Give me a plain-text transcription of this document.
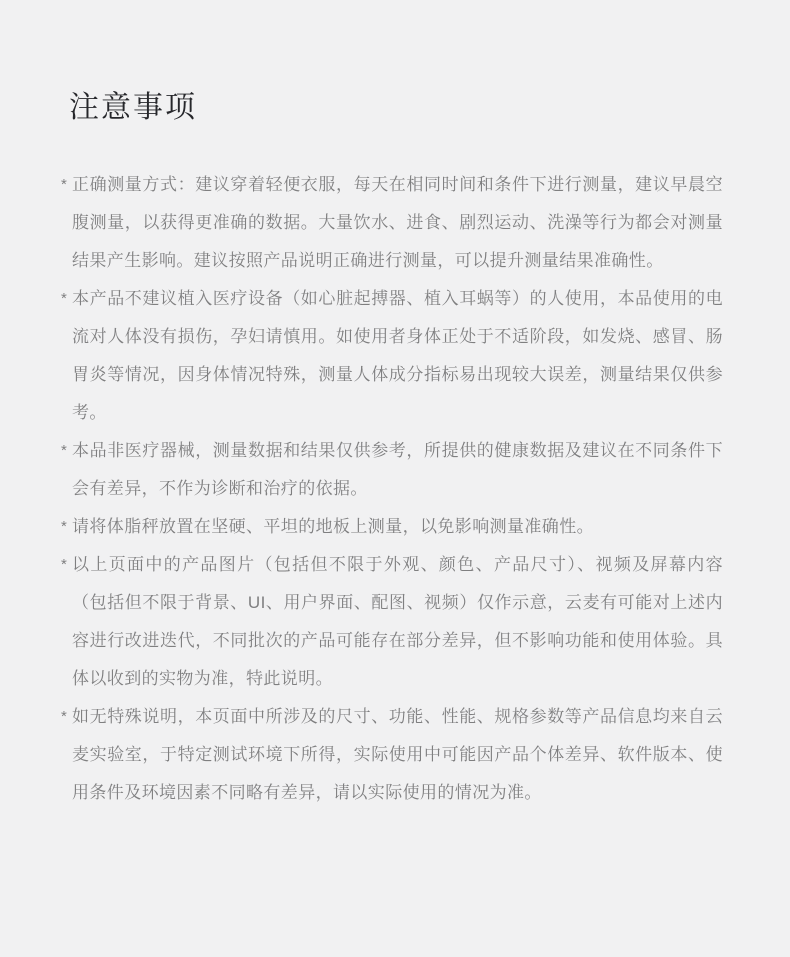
注意事项
* 正确测量方式：建议穿着轻便衣服，每天在相同时间和条件下进行测量，建议早晨空腹测量，以获得更准确的数据。大量饮水、进食、剧烈运动、洗澡等行为都会对测量结果产生影响。建议按照产品说明正确进行测量，可以提升测量结果准确性。
* 本产品不建议植入医疗设备（如心脏起搏器、植入耳蜗等）的人使用，本品使用的电流对人体没有损伤，孕妇请慎用。如使用者身体正处于不适阶段，如发烧、感冒、肠胃炎等情况，因身体情况特殊，测量人体成分指标易出现较大误差，测量结果仅供参考。
* 本品非医疗器械，测量数据和结果仅供参考，所提供的健康数据及建议在不同条件下会有差异，不作为诊断和治疗的依据。
* 请将体脂秤放置在坚硬、平坦的地板上测量，以免影响测量准确性。
* 以上页面中的产品图片（包括但不限于外观、颜色、产品尺寸）、视频及屏幕内容（包括但不限于背景、UI、用户界面、配图、视频）仅作示意，云麦有可能对上述内容进行改进迭代，不同批次的产品可能存在部分差异，但不影响功能和使用体验。具体以收到的实物为准，特此说明。
* 如无特殊说明，本页面中所涉及的尺寸、功能、性能、规格参数等产品信息均来自云麦实验室，于特定测试环境下所得，实际使用中可能因产品个体差异、软件版本、使用条件及环境因素不同略有差异，请以实际使用的情况为准。
